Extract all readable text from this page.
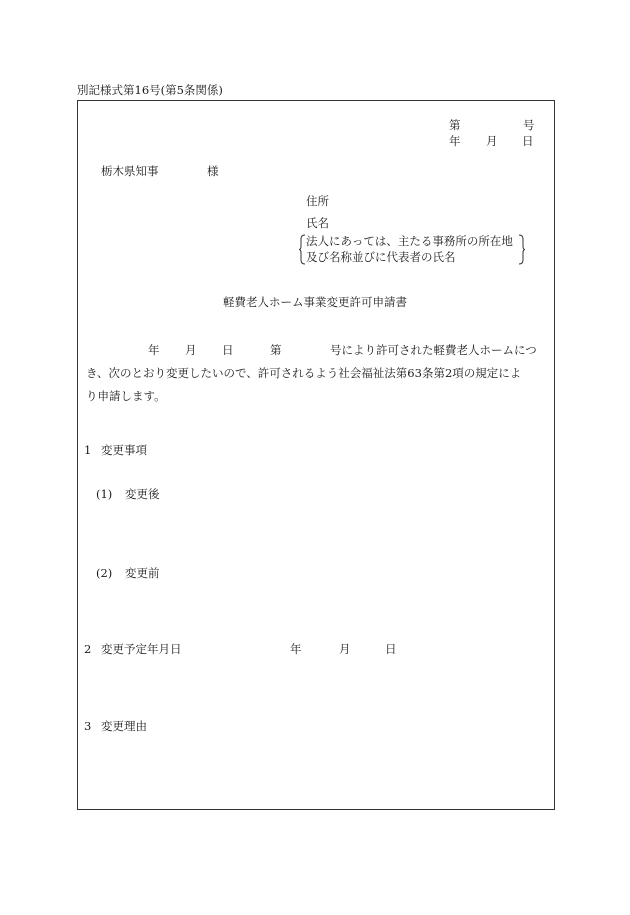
別記様式第16号(第5条関係)
第	号
年 月 日
栃木県知事	様
住所
氏名
法人にあっては、主たる事務所の所在地
及び名称並びに代表者の氏名
軽費老人ホーム事業変更許可申請書
年 月 日	第	号により許可された軽費老人ホームにつ
き、次のとおり変更したいので、許可されるよう社会福祉法第63条第2項の規定によ
り申請します。
1 変更事項
(1) 変更後
(2) 変更前
2 変更予定年月日	年	月	日
3 変更理由
